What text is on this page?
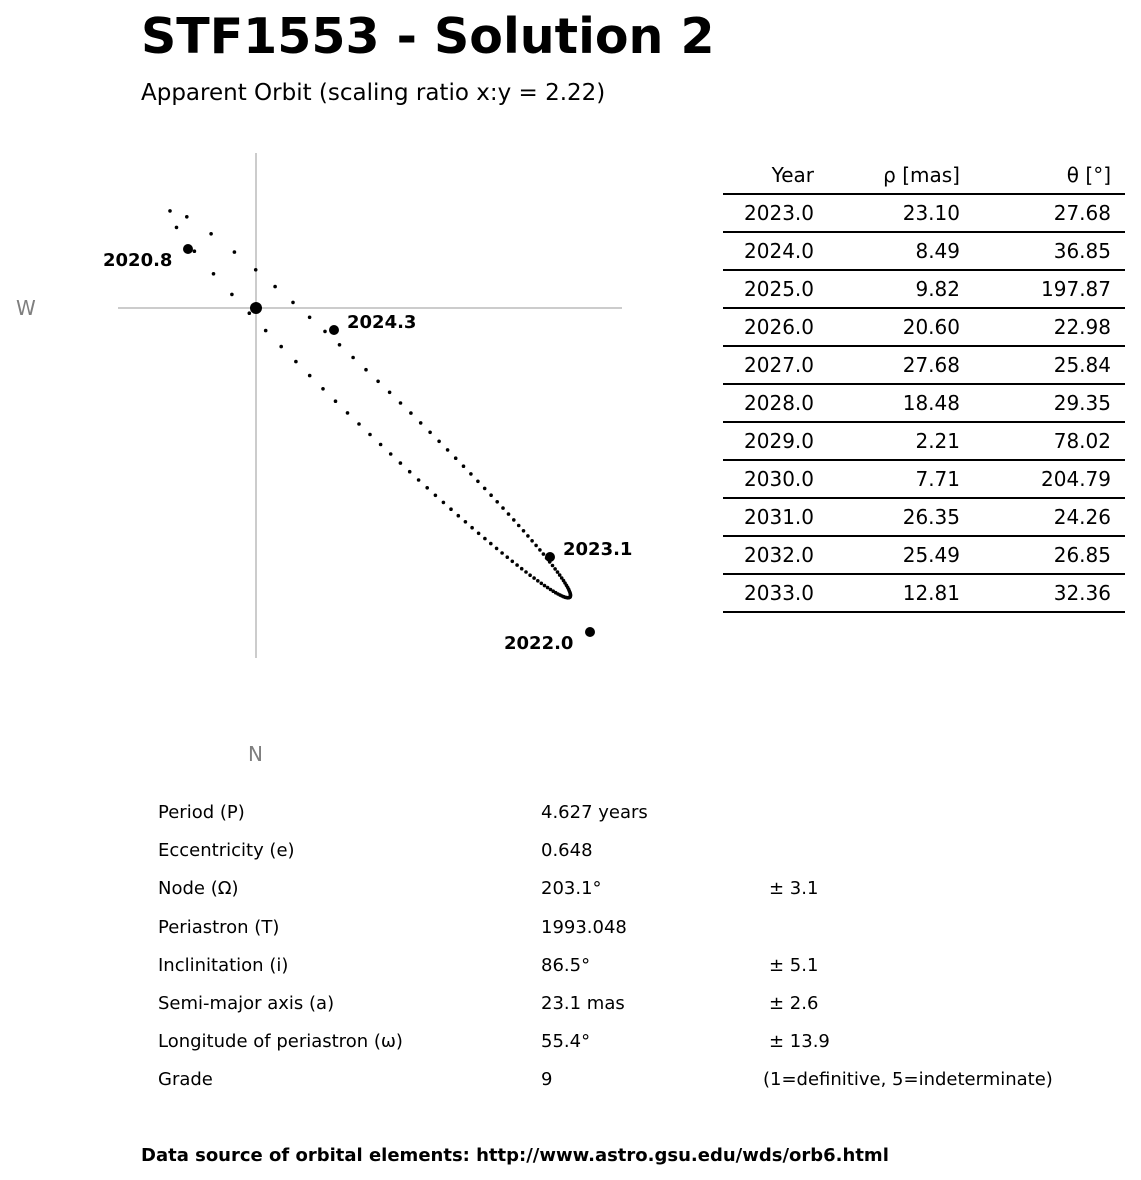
STF1553 - Solution 2
Apparent Orbit (scaling ratio x:y = 2.22)
2020.8
2024.3
2023.1
2022.0
W
N
Year	ρ [mas]	θ [°]
2023.0	23.10	27.68
2024.0	8.49	36.85
2025.0	9.82	197.87
2026.0	20.60	22.98
2027.0	27.68	25.84
2028.0	18.48	29.35
2029.0	2.21	78.02
2030.0	7.71	204.79
2031.0	26.35	24.26
2032.0	25.49	26.85
2033.0	12.81	32.36
Period (P)	4.627 years
Eccentricity (e)	0.648
Node (Ω)	203.1°	± 3.1
Periastron (T)	1993.048
Inclinitation (i)	86.5°	± 5.1
Semi-major axis (a)	23.1 mas	± 2.6
Longitude of periastron (ω)	55.4°	± 13.9
Grade	9	(1=definitive, 5=indeterminate)
Data source of orbital elements: http://www.astro.gsu.edu/wds/orb6.html
